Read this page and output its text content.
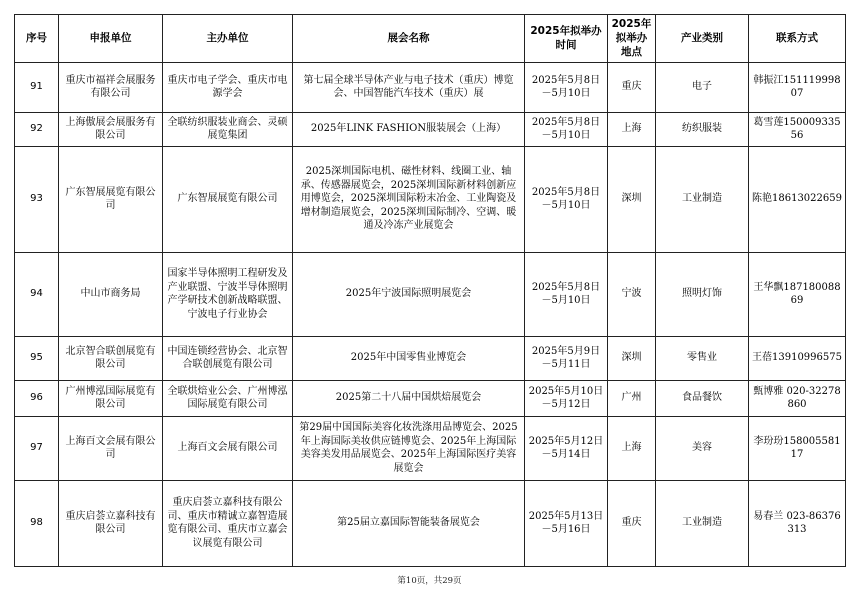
序号	申报单位	主办单位	展会名称	2025年拟举办时间	2025年拟举办地点	产业类别	联系方式
91	重庆市福祥会展服务有限公司	重庆市电子学会、重庆市电源学会	第七届全球半导体产业与电子技术（重庆）博览会、中国智能汽车技术（重庆）展	2025年5月8日－5月10日	重庆	电子	韩振江15111999807
92	上海傲展会展服务有限公司	全联纺织服装业商会、灵硕展览集团	2025年LINK FASHION服装展会（上海）	2025年5月8日－5月10日	上海	纺织服装	葛雪莲15000933556
93	广东智展展览有限公司	广东智展展览有限公司	2025深圳国际电机、磁性材料、线圈工业、轴承、传感器展览会，2025深圳国际新材料创新应用博览会，2025深圳国际粉末冶金、工业陶瓷及增材制造展览会，2025深圳国际制冷、空调、暖通及冷冻产业展览会	2025年5月8日－5月10日	深圳	工业制造	陈艳18613022659
94	中山市商务局	国家半导体照明工程研发及产业联盟、宁波半导体照明产学研技术创新战略联盟、宁波电子行业协会	2025年宁波国际照明展览会	2025年5月8日－5月10日	宁波	照明灯饰	王华飘18718008869
95	北京智合联创展览有限公司	中国连锁经营协会、北京智合联创展览有限公司	2025年中国零售业博览会	2025年5月9日－5月11日	深圳	零售业	王蓓13910996575
96	广州博泓国际展览有限公司	全联烘焙业公会、广州博泓国际展览有限公司	2025第二十八届中国烘焙展览会	2025年5月10日－5月12日	广州	食品餐饮	甄博雅 020-32278860
97	上海百文会展有限公司	上海百文会展有限公司	第29届中国国际美容化妆洗涤用品博览会、2025年上海国际美妆供应链博览会、2025年上海国际美容美发用品展览会、2025年上海国际医疗美容展览会	2025年5月12日－5月14日	上海	美容	李玢玢15800558117
98	重庆启荟立嘉科技有限公司	重庆启荟立嘉科技有限公司、重庆市精诚立嘉智造展览有限公司、重庆市立嘉会议展览有限公司	第25届立嘉国际智能装备展览会	2025年5月13日－5月16日	重庆	工业制造	易春兰 023-86376313
第10页，共29页
